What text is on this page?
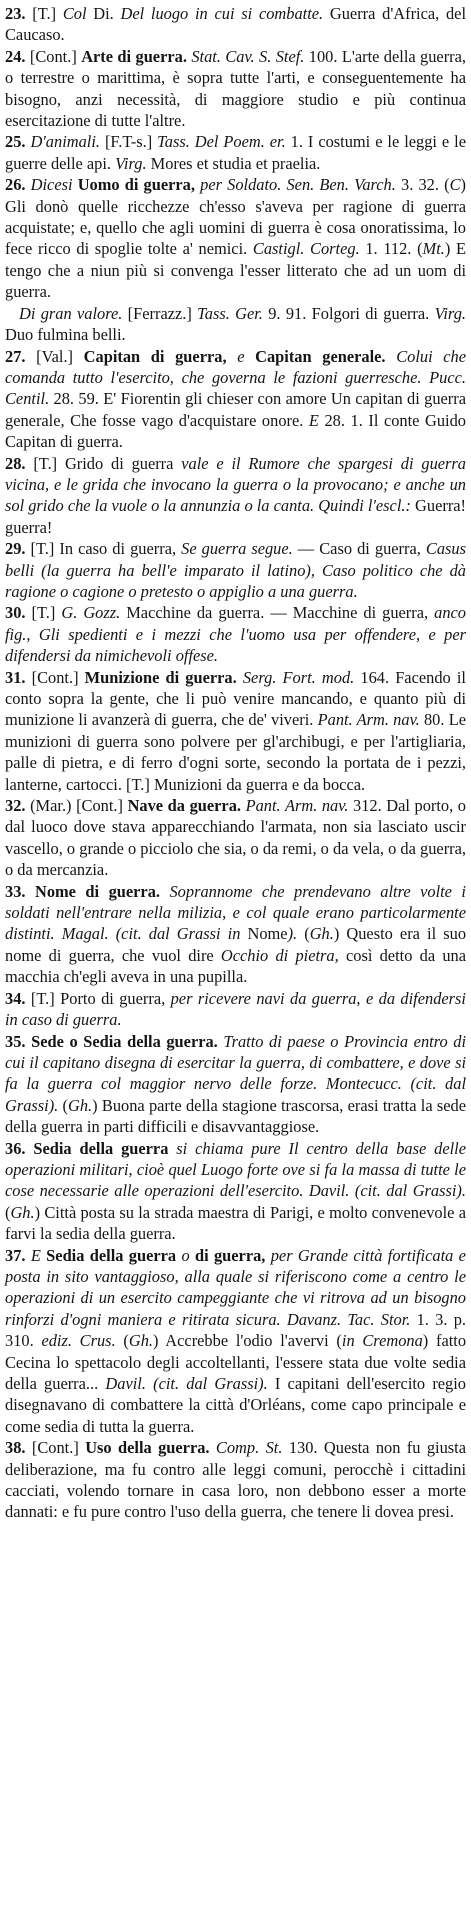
23. [T.] Col Di. Del luogo in cui si combatte. Guerra d'Africa, del Caucaso.

24. [Cont.] Arte di guerra. Stat. Cav. S. Stef. 100. L'arte della guerra, o terrestre o marittima, è sopra tutte l'arti, e conseguentemente ha bisogno, anzi necessità, di maggiore studio e più continua esercitazione di tutte l'altre.

25. D'animali. [F.T-s.] Tass. Del Poem. er. 1. I costumi e le leggi e le guerre delle api. Virg. Mores et studia et praelia.

26. Dicesi Uomo di guerra, per Soldato. Sen. Ben. Varch. 3. 32. (C) Gli donò quelle ricchezze ch'esso s'aveva per ragione di guerra acquistate; e, quello che agli uomini di guerra è cosa onoratissima, lo fece ricco di spoglie tolte a' nemici. Castigl. Corteg. 1. 112. (Mt.) E tengo che a niun più si convenga l'esser litterato che ad un uom di guerra.

Di gran valore. [Ferrazz.] Tass. Ger. 9. 91. Folgori di guerra. Virg. Duo fulmina belli.

27. [Val.] Capitan di guerra, e Capitan generale. Colui che comanda tutto l'esercito, che governa le fazioni guerresche. Pucc. Centil. 28. 59. E' Fiorentin gli chieser con amore Un capitan di guerra generale, Che fosse vago d'acquistare onore. E 28. 1. Il conte Guido Capitan di guerra.

28. [T.] Grido di guerra vale e il Rumore che spargesi di guerra vicina, e le grida che invocano la guerra o la provocano; e anche un sol grido che la vuole o la annunzia o la canta. Quindi l'escl.: Guerra! guerra!

29. [T.] In caso di guerra, Se guerra segue. — Caso di guerra, Casus belli (la guerra ha bell'e imparato il latino), Caso politico che dà ragione o cagione o pretesto o appiglio a una guerra.

30. [T.] G. Gozz. Macchine da guerra. — Macchine di guerra, anco fig., Gli spedienti e i mezzi che l'uomo usa per offendere, e per difendersi da nimichevoli offese.

31. [Cont.] Munizione di guerra. Serg. Fort. mod. 164. Facendo il conto sopra la gente, che li può venire mancando, e quanto più di munizione li avanzerà di guerra, che de' viveri. Pant. Arm. nav. 80. Le munizioni di guerra sono polvere per gl'archibugi, e per l'artigliaria, palle di pietra, e di ferro d'ogni sorte, secondo la portata de i pezzi, lanterne, cartocci. [T.] Munizioni da guerra e da bocca.

32. (Mar.) [Cont.] Nave da guerra. Pant. Arm. nav. 312. Dal porto, o dal luoco dove stava apparecchiando l'armata, non sia lasciato uscir vascello, o grande o picciolo che sia, o da remi, o da vela, o da guerra, o da mercanzia.

33. Nome di guerra. Soprannome che prendevano altre volte i soldati nell'entrare nella milizia, e col quale erano particolarmente distinti. Magal. (cit. dal Grassi in Nome). (Gh.) Questo era il suo nome di guerra, che vuol dire Occhio di pietra, così detto da una macchia ch'egli aveva in una pupilla.

34. [T.] Porto di guerra, per ricevere navi da guerra, e da difendersi in caso di guerra.

35. Sede o Sedia della guerra. Tratto di paese o Provincia entro di cui il capitano disegna di esercitar la guerra, di combattere, e dove si fa la guerra col maggior nervo delle forze. Montecucc. (cit. dal Grassi). (Gh.) Buona parte della stagione trascorsa, erasi tratta la sede della guerra in parti difficili e disavvantaggiose.

36. Sedia della guerra si chiama pure Il centro della base delle operazioni militari, cioè quel Luogo forte ove si fa la massa di tutte le cose necessarie alle operazioni dell'esercito. Davil. (cit. dal Grassi). (Gh.) Città posta su la strada maestra di Parigi, e molto convenevole a farvi la sedia della guerra.

37. E Sedia della guerra o di guerra, per Grande città fortificata e posta in sito vantaggioso, alla quale si riferiscono come a centro le operazioni di un esercito campeggiante che vi ritrova ad un bisogno rinforzi d'ogni maniera e ritirata sicura. Davanz. Tac. Stor. 1. 3. p. 310. ediz. Crus. (Gh.) Accrebbe l'odio l'avervi (in Cremona) fatto Cecina lo spettacolo degli accoltellanti, l'essere stata due volte sedia della guerra... Davil. (cit. dal Grassi). I capitani dell'esercito regio disegnavano di combattere la città d'Orléans, come capo principale e come sedia di tutta la guerra.

38. [Cont.] Uso della guerra. Comp. St. 130. Questa non fu giusta deliberazione, ma fu contro alle leggi comuni, perocchè i cittadini cacciati, volendo tornare in casa loro, non debbono esser a morte dannati: e fu pure contro l'uso della guerra, che tenere li dovea presi.
